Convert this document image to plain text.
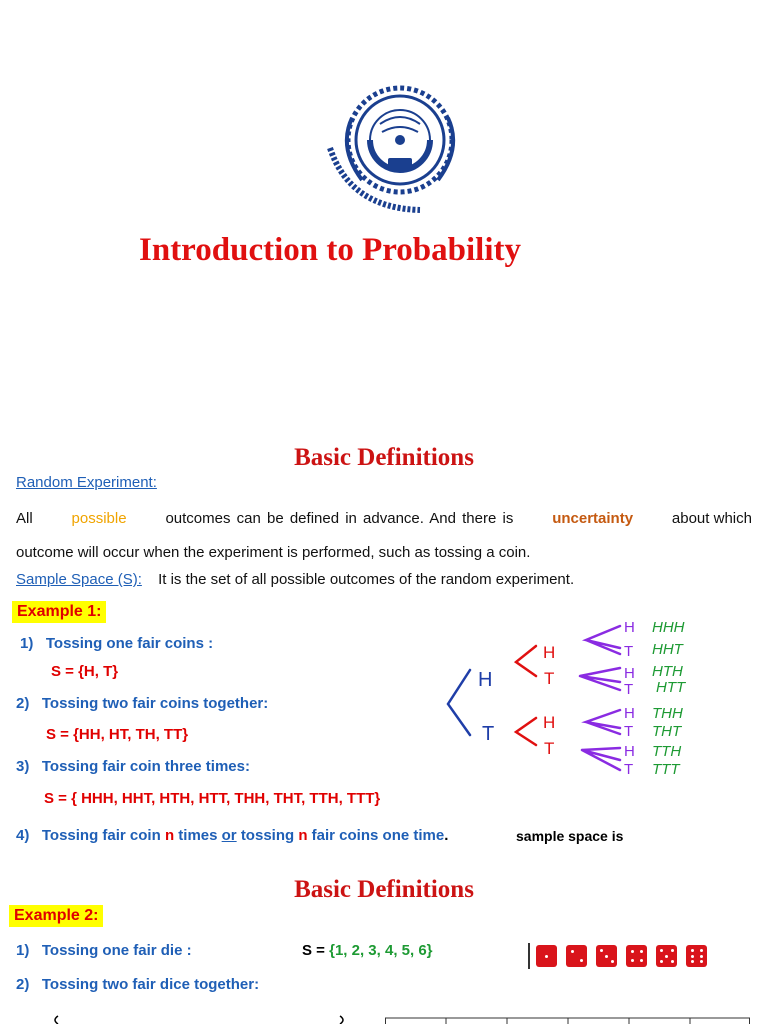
Introduction to Probability
Basic Definitions
Random Experiment:
All	possible	outcomes can be defined in advance. And there is	uncertainty	about which
outcome will occur when the experiment is performed, such as tossing a coin.
Sample Space (S): It is the set of all possible outcomes of the random experiment.
Example 1:
1) Tossing one fair coins :
S = {H, T}
2) Tossing two fair coins together:
S = {HH, HT, TH, TT}
3) Tossing fair coin three times:
S = { HHH, HHT, HTH, HTT, THH, THT, TTH, TTT}
4) Tossing fair coin n times or tossing n fair coins one time.	sample space is
H
T
H
T
H
T
H
T
H
T
H
T
H
T
HHH
HHT
HTH
HTT
THH
THT
TTH
TTT
Basic Definitions
Example 2:
1) Tossing one fair die :	S = {1, 2, 3, 4, 5, 6}
2) Tossing two fair dice together:
